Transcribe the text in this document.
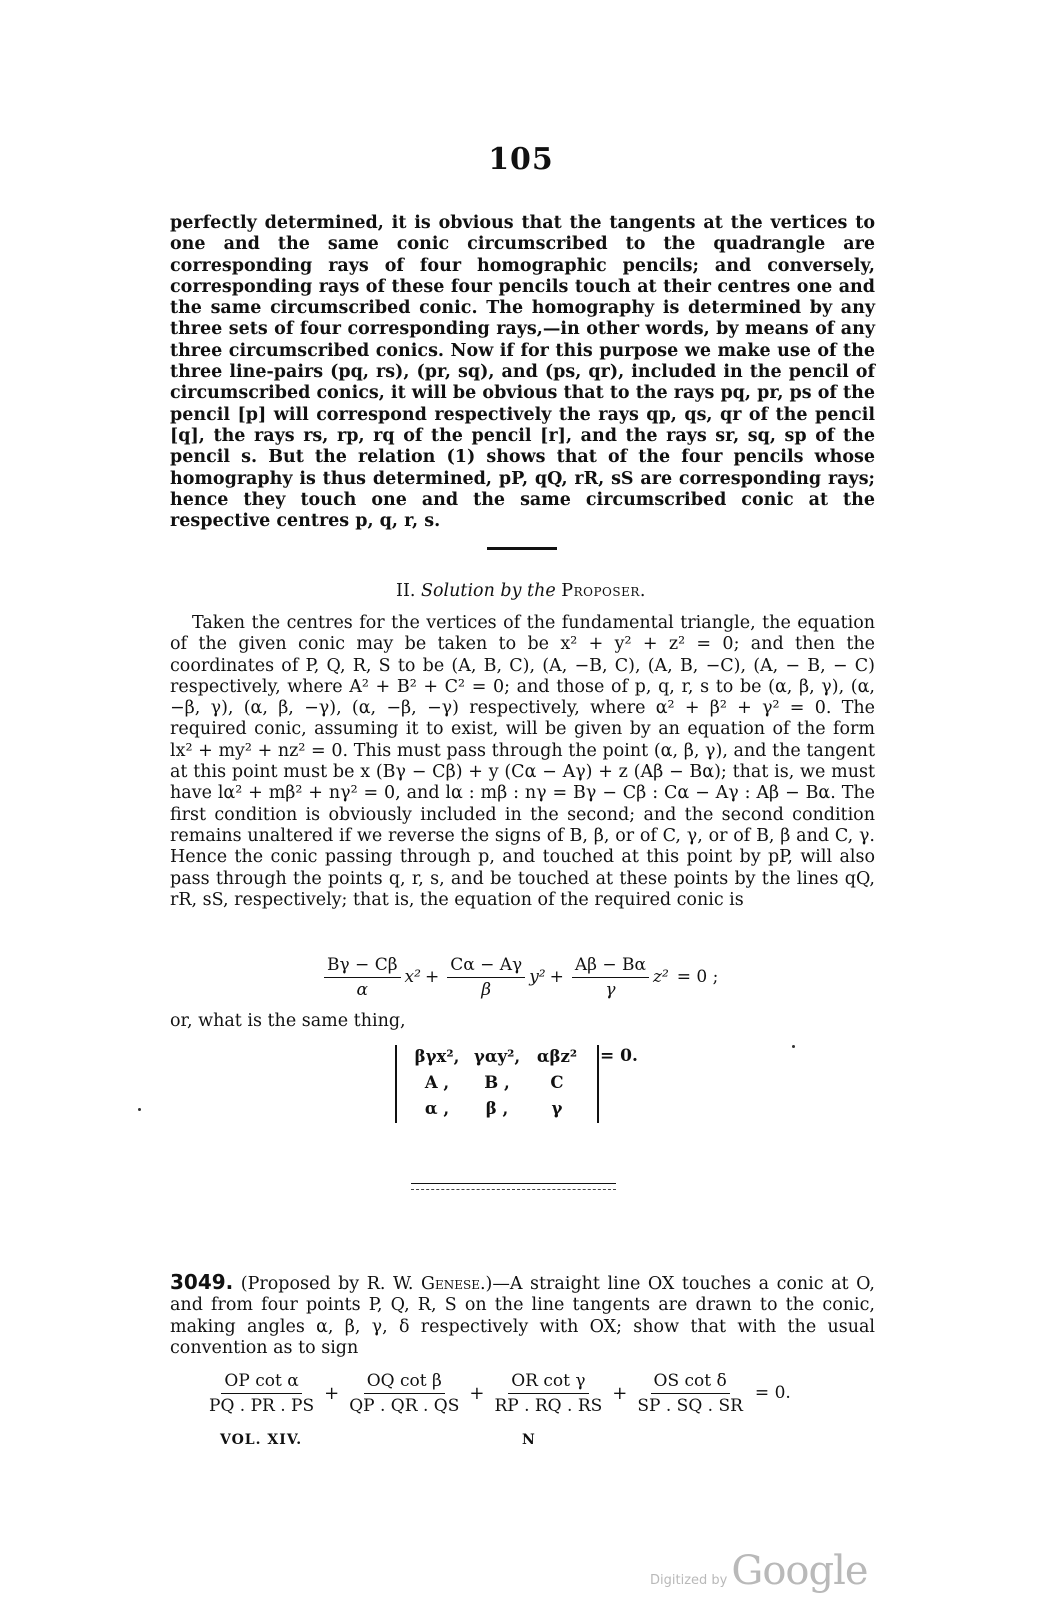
105
perfectly determined, it is obvious that the tangents at the vertices to one and the same conic circumscribed to the quadrangle are corresponding rays of four homographic pencils; and conversely, corresponding rays of these four pencils touch at their centres one and the same circumscribed conic. The homography is determined by any three sets of four corresponding rays,—in other words, by means of any three circumscribed conics. Now if for this purpose we make use of the three line-pairs (pq, rs), (pr, sq), and (ps, qr), included in the pencil of circumscribed conics, it will be obvious that to the rays pq, pr, ps of the pencil [p] will correspond respectively the rays qp, qs, qr of the pencil [q], the rays rs, rp, rq of the pencil [r], and the rays sr, sq, sp of the pencil s. But the relation (1) shows that of the four pencils whose homography is thus determined, pP, qQ, rR, sS are corresponding rays; hence they touch one and the same circumscribed conic at the respective centres p, q, r, s.
II. Solution by the Proposer.
Taken the centres for the vertices of the fundamental triangle, the equation of the given conic may be taken to be x² + y² + z² = 0; and then the coordinates of P, Q, R, S to be (A, B, C), (A, −B, C), (A, B, −C), (A, − B, − C) respectively, where A² + B² + C² = 0; and those of p, q, r, s to be (α, β, γ), (α, −β, γ), (α, β, −γ), (α, −β, −γ) respectively, where α² + β² + γ² = 0. The required conic, assuming it to exist, will be given by an equation of the form lx² + my² + nz² = 0. This must pass through the point (α, β, γ), and the tangent at this point must be x (Bγ − Cβ) + y (Cα − Aγ) + z (Aβ − Bα); that is, we must have lα² + mβ² + nγ² = 0, and lα : mβ : nγ = Bγ − Cβ : Cα − Aγ : Aβ − Bα. The first condition is obviously included in the second; and the second condition remains unaltered if we reverse the signs of B, β, or of C, γ, or of B, β and C, γ. Hence the conic passing through p, and touched at this point by pP, will also pass through the points q, r, s, and be touched at these points by the lines qQ, rR, sS, respectively; that is, the equation of the required conic is
$\frac{B\gamma - C\beta}{\alpha} x^2 + \frac{C\alpha - A\gamma}{\beta} y^2 + \frac{A\beta - B\alpha}{\gamma} z^2 = 0$ ;
or, what is the same thing,
βγx², γαy²,	αβz²
A ,	B ,	C
α ,	β ,	γ
= 0.
3049. (Proposed by R. W. Genese.)—A straight line OX touches a conic at O, and from four points P, Q, R, S on the line tangents are drawn to the conic, making angles α, β, γ, δ respectively with OX; show that with the usual convention as to sign
$\frac{\text{OP cot α}}{PQ . PR . PS} + \frac{\text{OQ cot β}}{QP . QR . QS} + \frac{\text{OR cot γ}}{RP . RQ . RS} + \frac{\text{OS cot δ}}{SP . SQ . SR} = 0$.
VOL. XIV.	N
Digitized by Google
